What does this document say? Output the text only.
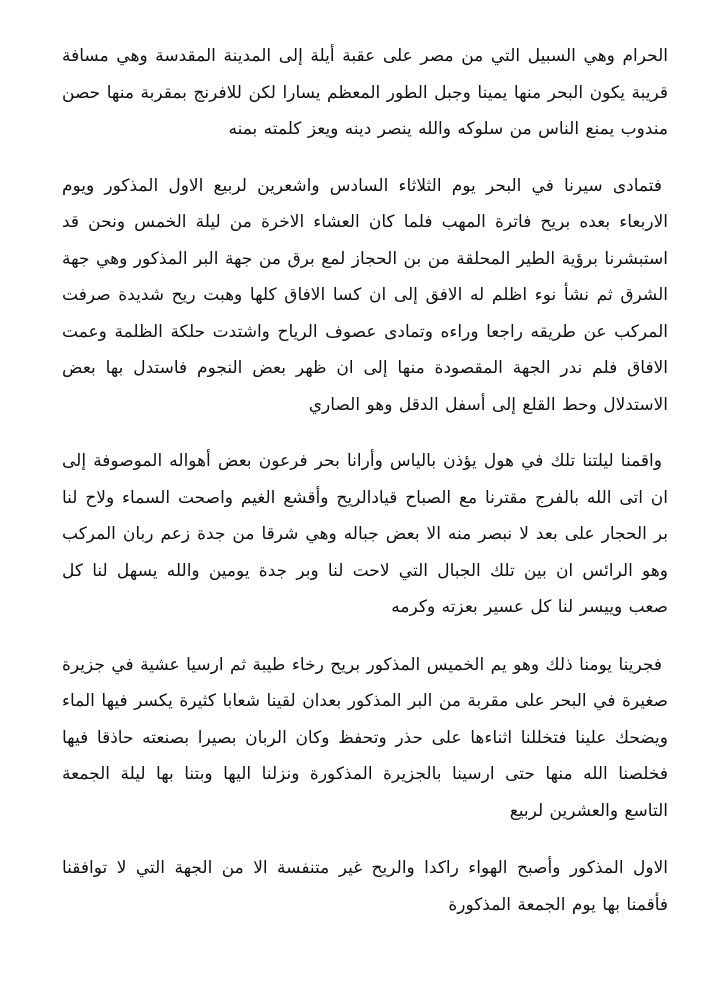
الحرام وهي السبيل التي من مصر على عقبة أيلة إلى المدينة المقدسة وهي مسافة قريبة يكون البحر منها يمينا وجبل الطور المعظم يسارا لكن للافرنج بمقربة منها حصن مندوب يمنع الناس من سلوكه والله ينصر دينه ويعز كلمته بمنه

فتمادى سيرنا في البحر يوم الثلاثاء السادس واشعرين لربيع الاول المذكور ويوم الاربعاء بعده بريح فاترة المهب فلما كان العشاء الاخرة من ليلة الخمس ونحن قد استبشرنا برؤية الطير المحلقة من بن الحجاز لمع برق من جهة البر المذكور وهي جهة الشرق ثم نشأ نوء اظلم له الافق إلى ان كسا الافاق كلها وهبت ريح شديدة صرفت المركب عن طريقه راجعا وراءه وتمادى عصوف الرياح واشتدت حلكة الظلمة وعمت الافاق فلم ندر الجهة المقصودة منها إلى ان ظهر بعض النجوم فاستدل بها بعض الاستدلال وحط القلع إلى أسفل الدقل وهو الصاري

واقمنا ليلتنا تلك في هول يؤذن بالياس وأرانا بحر فرعون بعض أهواله الموصوفة إلى ان اتى الله بالفرج مقترنا مع الصباح قيادالريح وأقشع الغيم واصحت السماء ولاح لنا بر الحجار على بعد لا نبصر منه الا بعض جباله وهي شرقا من جدة زعم ربان المركب وهو الرائس ان بين تلك الجبال التي لاحت لنا وبر جدة يومين والله يسهل لنا كل صعب وييسر لنا كل عسير بعزته وكرمه

فجرينا يومنا ذلك وهو يم الخميس المذكور بريح رخاء طيبة ثم ارسيا عشية في جزيرة صغيرة في البحر على مقربة من البر المذكور بعدان لقينا شعابا كثيرة يكسر فيها الماء ويضحك علينا فتخللنا اثناءها على حذر وتحفظ وكان الربان بصيرا بصنعته حاذقا فيها فخلصنا الله منها حتى ارسينا بالجزيرة المذكورة ونزلنا اليها وبتنا بها ليلة الجمعة التاسع والعشرين لربيع

الاول المذكور وأصبح الهواء راكدا والريح غير متنفسة الا من الجهة التي لا توافقنا فأقمنا بها يوم الجمعة المذكورة
